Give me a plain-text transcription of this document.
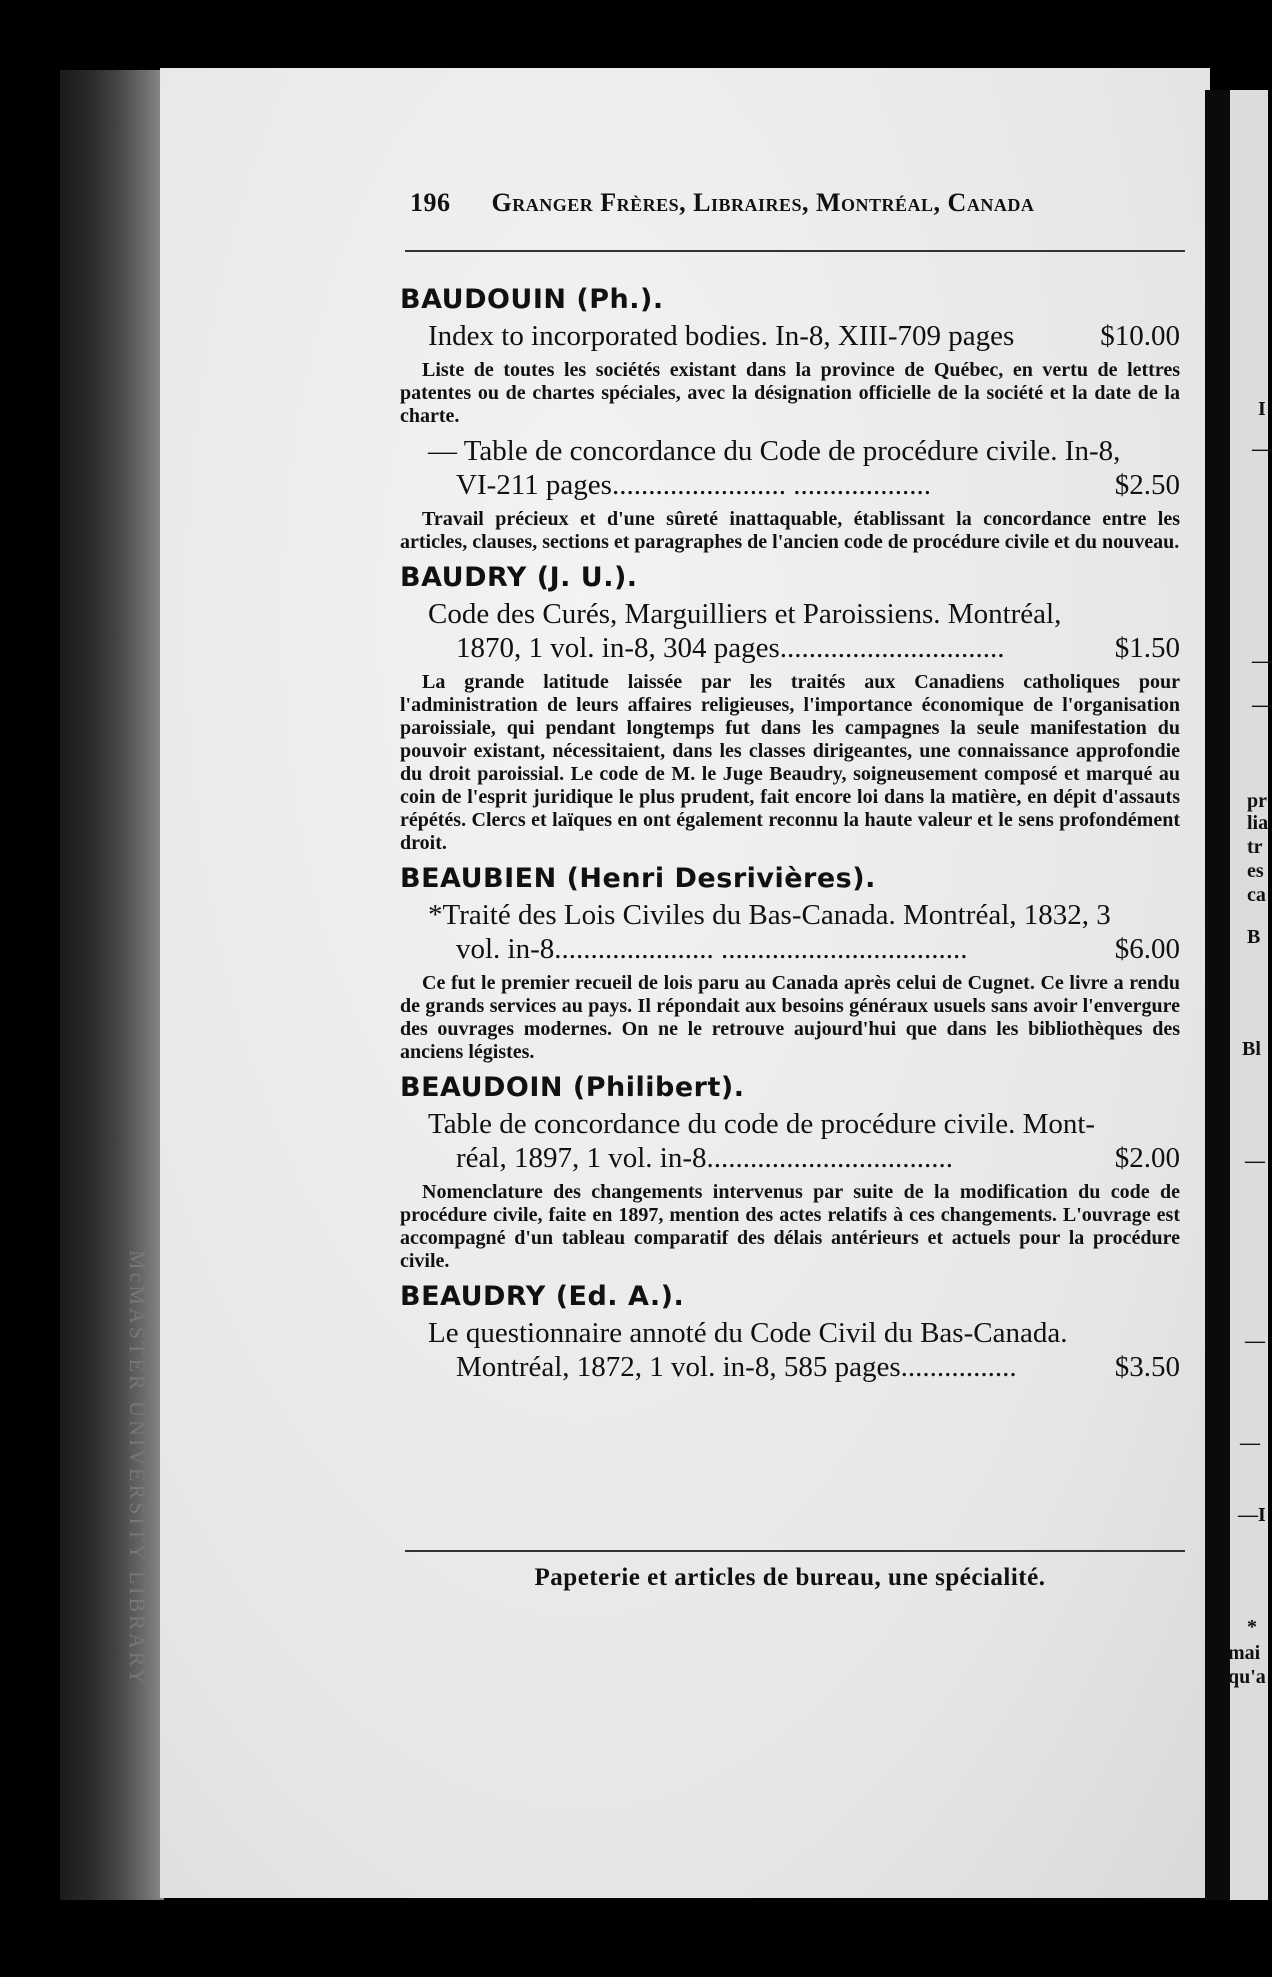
McMASTER UNIVERSITY LIBRARY
196 Granger Frères, Libraires, Montréal, Canada

BAUDOUIN (Ph.).

Index to incorporated bodies. In-8, XIII-709 pages	$10.00

Liste de toutes les sociétés existant dans la province de Québec, en vertu de lettres patentes ou de chartes spéciales, avec la désignation officielle de la société et la date de la charte.

— Table de concordance du Code de procédure civile. In-8,
VI-211 pages........................ ...................	$2.50

Travail précieux et d'une sûreté inattaquable, établissant la concordance entre les articles, clauses, sections et paragraphes de l'ancien code de procédure civile et du nouveau.

BAUDRY (J. U.).

Code des Curés, Marguilliers et Paroissiens. Montréal,
1870, 1 vol. in-8, 304 pages...............................	$1.50

La grande latitude laissée par les traités aux Canadiens catholiques pour l'administration de leurs affaires religieuses, l'importance économique de l'organisation paroissiale, qui pendant longtemps fut dans les campagnes la seule manifestation du pouvoir existant, nécessitaient, dans les classes dirigeantes, une connaissance approfondie du droit paroissial. Le code de M. le Juge Beaudry, soigneusement composé et marqué au coin de l'esprit juridique le plus prudent, fait encore loi dans la matière, en dépit d'assauts répétés. Clercs et laïques en ont également reconnu la haute valeur et le sens profondément droit.

BEAUBIEN (Henri Desrivières).

*Traité des Lois Civiles du Bas-Canada. Montréal, 1832, 3
vol. in-8...................... ..................................	$6.00

Ce fut le premier recueil de lois paru au Canada après celui de Cugnet. Ce livre a rendu de grands services au pays. Il répondait aux besoins généraux usuels sans avoir l'envergure des ouvrages modernes. On ne le retrouve aujourd'hui que dans les bibliothèques des anciens légistes.

BEAUDOIN (Philibert).

Table de concordance du code de procédure civile. Mont-
réal, 1897, 1 vol. in-8..................................	$2.00

Nomenclature des changements intervenus par suite de la modification du code de procédure civile, faite en 1897, mention des actes relatifs à ces changements. L'ouvrage est accompagné d'un tableau comparatif des délais antérieurs et actuels pour la procédure civile.

BEAUDRY (Ed. A.).

Le questionnaire annoté du Code Civil du Bas-Canada.
Montréal, 1872, 1 vol. in-8, 585 pages................	$3.50
Papeterie et articles de bureau, une spécialité.
I
—
—
—
pr
lia
tr
es
ca
B
Bl
—
—
—
—I
*
mai
qu'a
